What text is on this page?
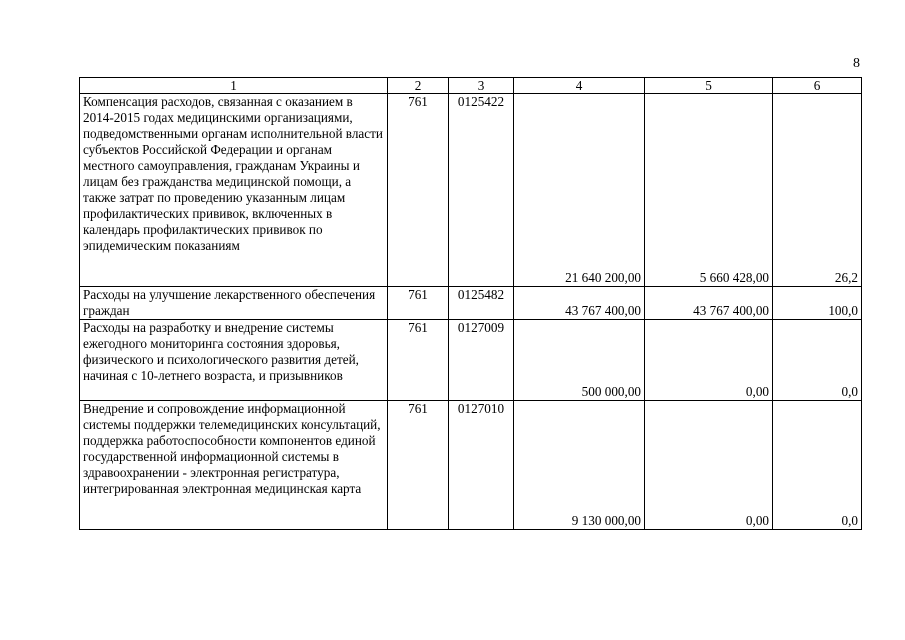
8
1	2	3	4	5	6
Компенсация расходов, связанная с оказанием в 2014-2015 годах медицинскими организациями, подведомственными органам исполнительной власти субъектов Российской Федерации и органам местного самоуправления, гражданам Украины и лицам без гражданства медицинской помощи, а также затрат по проведению указанным лицам профилактических прививок, включенных в календарь профилактических прививок по эпидемическим показаниям	761	0125422	21 640 200,00	5 660 428,00	26,2
Расходы на улучшение лекарственного обеспечения граждан	761	0125482	43 767 400,00	43 767 400,00	100,0
Расходы на разработку и внедрение системы ежегодного мониторинга состояния здоровья, физического и психологического развития детей, начиная с 10-летнего возраста, и призывников	761	0127009	500 000,00	0,00	0,0
Внедрение и сопровождение информационной системы поддержки телемедицинских консультаций, поддержка работоспособности компонентов единой государственной информационной системы в здравоохранении - электронная регистратура, интегрированная электронная медицинская карта	761	0127010	9 130 000,00	0,00	0,0
